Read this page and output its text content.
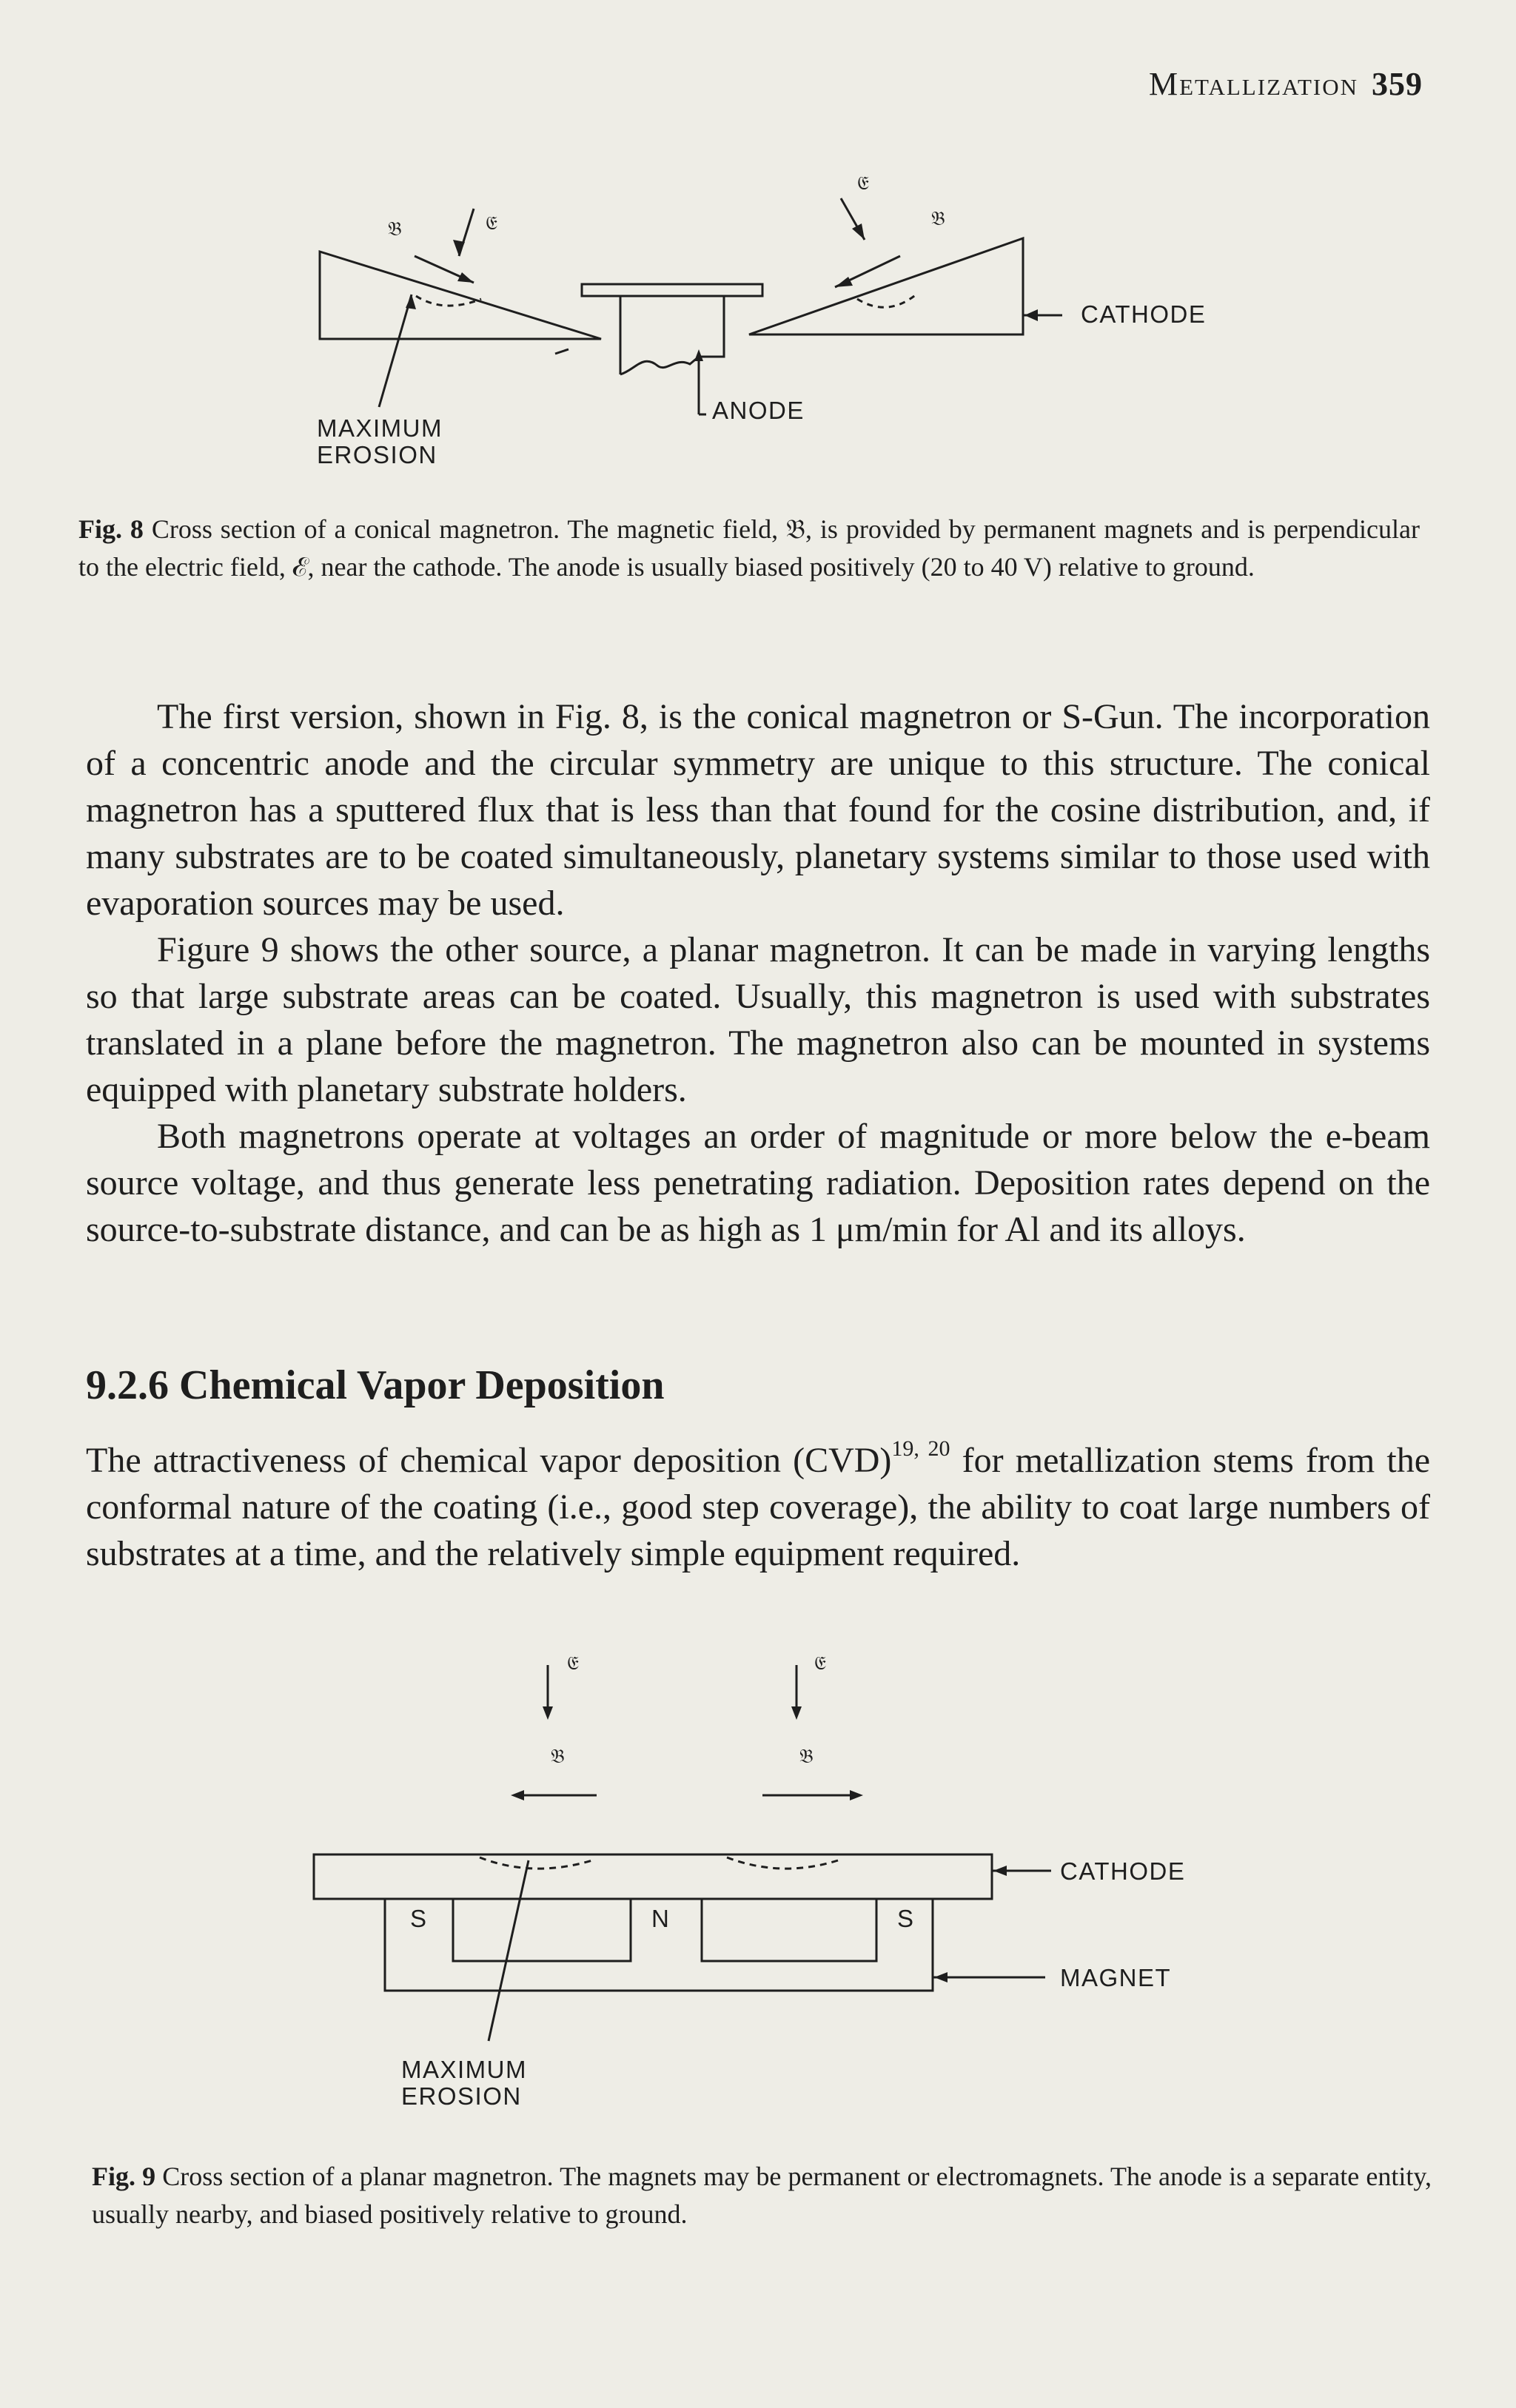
Metallization 359
𝔅	𝔈
𝔈
𝔅
CATHODE
ANODE
MAXIMUM
EROSION
Fig. 8 Cross section of a conical magnetron. The magnetic field, 𝔅, is provided by permanent magnets and is perpendicular to the electric field, ℰ, near the cathode. The anode is usually biased positively (20 to 40 V) relative to ground.

The first version, shown in Fig. 8, is the conical magnetron or S-Gun. The incorporation of a concentric anode and the circular symmetry are unique to this structure. The conical magnetron has a sputtered flux that is less than that found for the cosine distribution, and, if many substrates are to be coated simultaneously, planetary systems similar to those used with evaporation sources may be used.

Figure 9 shows the other source, a planar magnetron. It can be made in varying lengths so that large substrate areas can be coated. Usually, this magnetron is used with substrates translated in a plane before the magnetron. The magnetron also can be mounted in systems equipped with planetary substrate holders.

Both magnetrons operate at voltages an order of magnitude or more below the e-beam source voltage, and thus generate less penetrating radiation. Deposition rates depend on the source-to-substrate distance, and can be as high as 1 μm/min for Al and its alloys.

9.2.6 Chemical Vapor Deposition

The attractiveness of chemical vapor deposition (CVD)$^{19, 20}$ for metallization stems from the conformal nature of the coating (i.e., good step coverage), the ability to coat large numbers of substrates at a time, and the relatively simple equipment required.

𝔈	𝔈
𝔅	𝔅
S	N	S
CATHODE
MAGNET
MAXIMUM
EROSION
Fig. 9 Cross section of a planar magnetron. The magnets may be permanent or electromagnets. The anode is a separate entity, usually nearby, and biased positively relative to ground.
